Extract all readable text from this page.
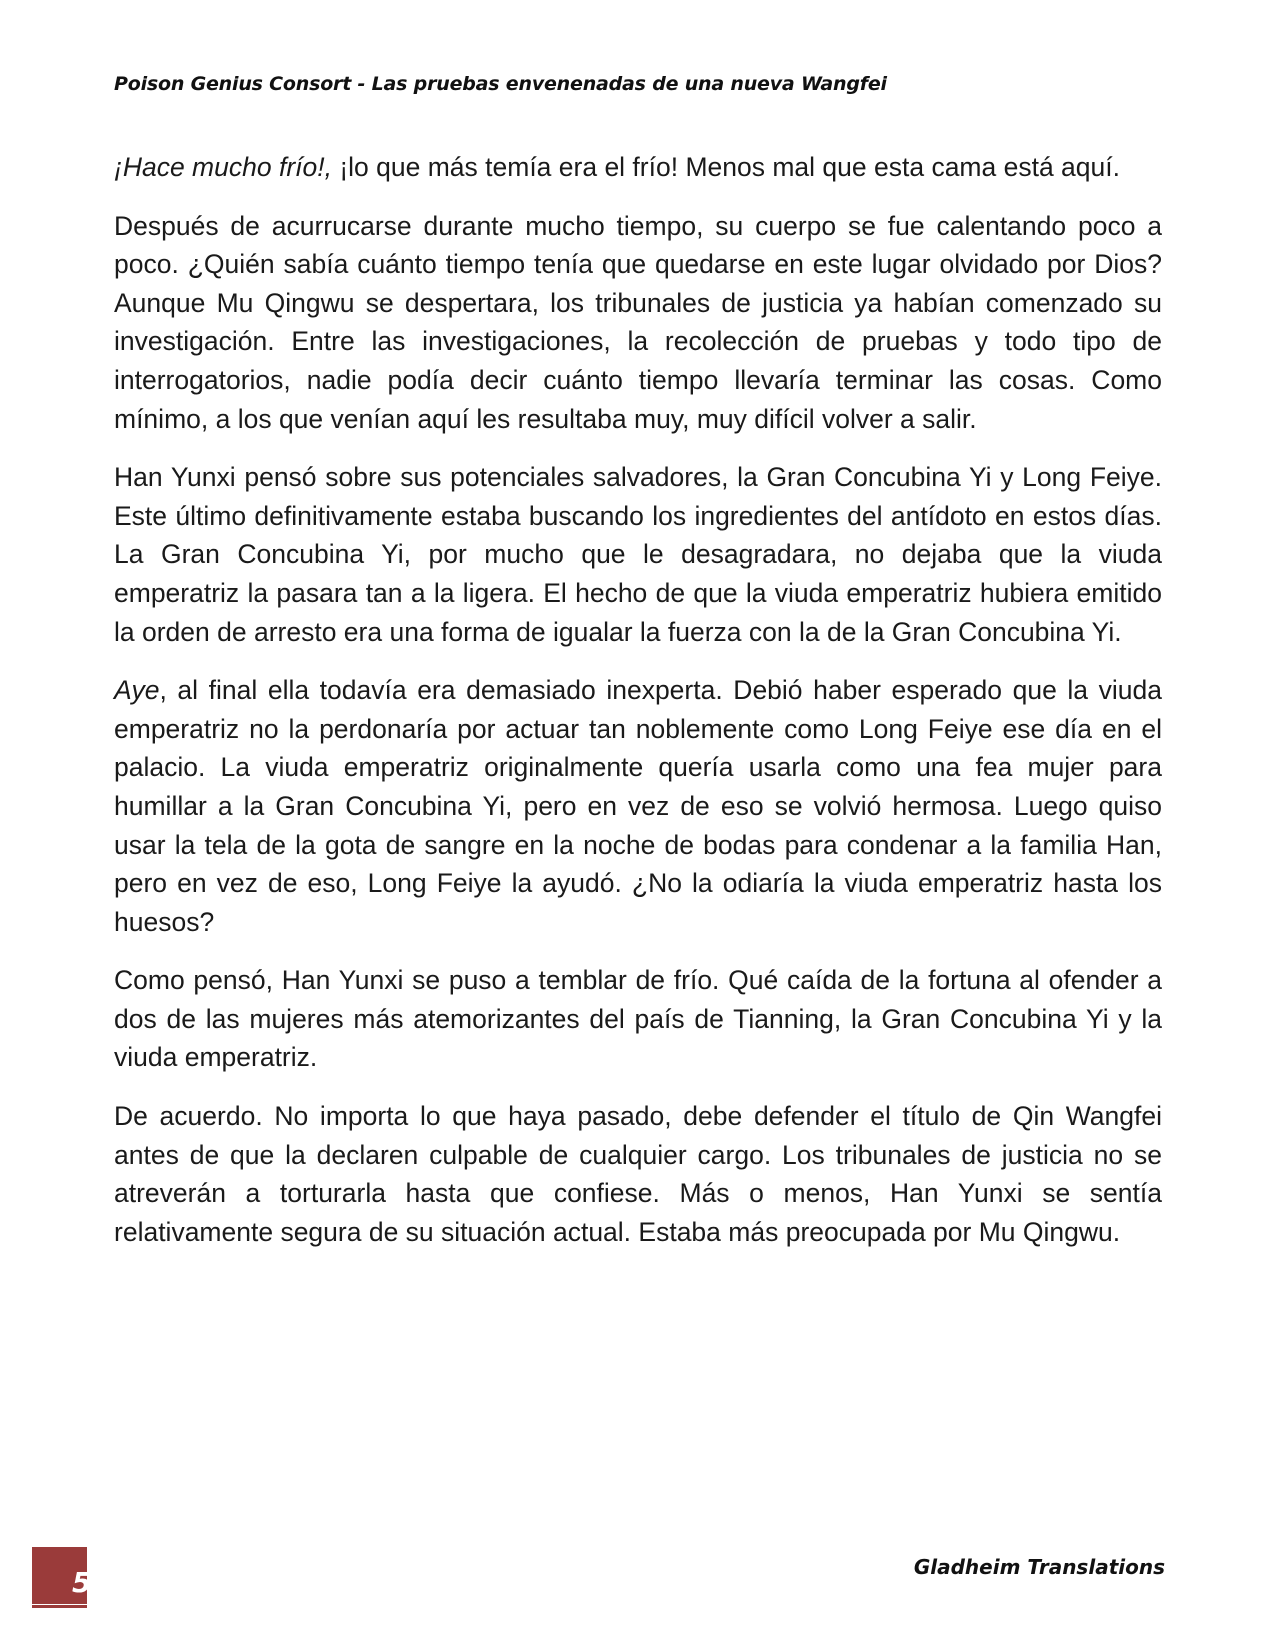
Poison Genius Consort - Las pruebas envenenadas de una nueva Wangfei

¡Hace mucho frío!, ¡lo que más temía era el frío! Menos mal que esta cama está aquí.

Después de acurrucarse durante mucho tiempo, su cuerpo se fue calentando poco a poco. ¿Quién sabía cuánto tiempo tenía que quedarse en este lugar olvidado por Dios? Aunque Mu Qingwu se despertara, los tribunales de justicia ya habían comenzado su investigación. Entre las investigaciones, la recolección de pruebas y todo tipo de interrogatorios, nadie podía decir cuánto tiempo llevaría terminar las cosas. Como mínimo, a los que venían aquí les resultaba muy, muy difícil volver a salir.

Han Yunxi pensó sobre sus potenciales salvadores, la Gran Concubina Yi y Long Feiye. Este último definitivamente estaba buscando los ingredientes del antídoto en estos días. La Gran Concubina Yi, por mucho que le desagradara, no dejaba que la viuda emperatriz la pasara tan a la ligera. El hecho de que la viuda emperatriz hubiera emitido la orden de arresto era una forma de igualar la fuerza con la de la Gran Concubina Yi.

Aye, al final ella todavía era demasiado inexperta. Debió haber esperado que la viuda emperatriz no la perdonaría por actuar tan noblemente como Long Feiye ese día en el palacio. La viuda emperatriz originalmente quería usarla como una fea mujer para humillar a la Gran Concubina Yi, pero en vez de eso se volvió hermosa. Luego quiso usar la tela de la gota de sangre en la noche de bodas para condenar a la familia Han, pero en vez de eso, Long Feiye la ayudó. ¿No la odiaría la viuda emperatriz hasta los huesos?

Como pensó, Han Yunxi se puso a temblar de frío. Qué caída de la fortuna al ofender a dos de las mujeres más atemorizantes del país de Tianning, la Gran Concubina Yi y la viuda emperatriz.

De acuerdo. No importa lo que haya pasado, debe defender el título de Qin Wangfei antes de que la declaren culpable de cualquier cargo. Los tribunales de justicia no se atreverán a torturarla hasta que confiese. Más o menos, Han Yunxi se sentía relativamente segura de su situación actual. Estaba más preocupada por Mu Qingwu.

5	Gladheim Translations
